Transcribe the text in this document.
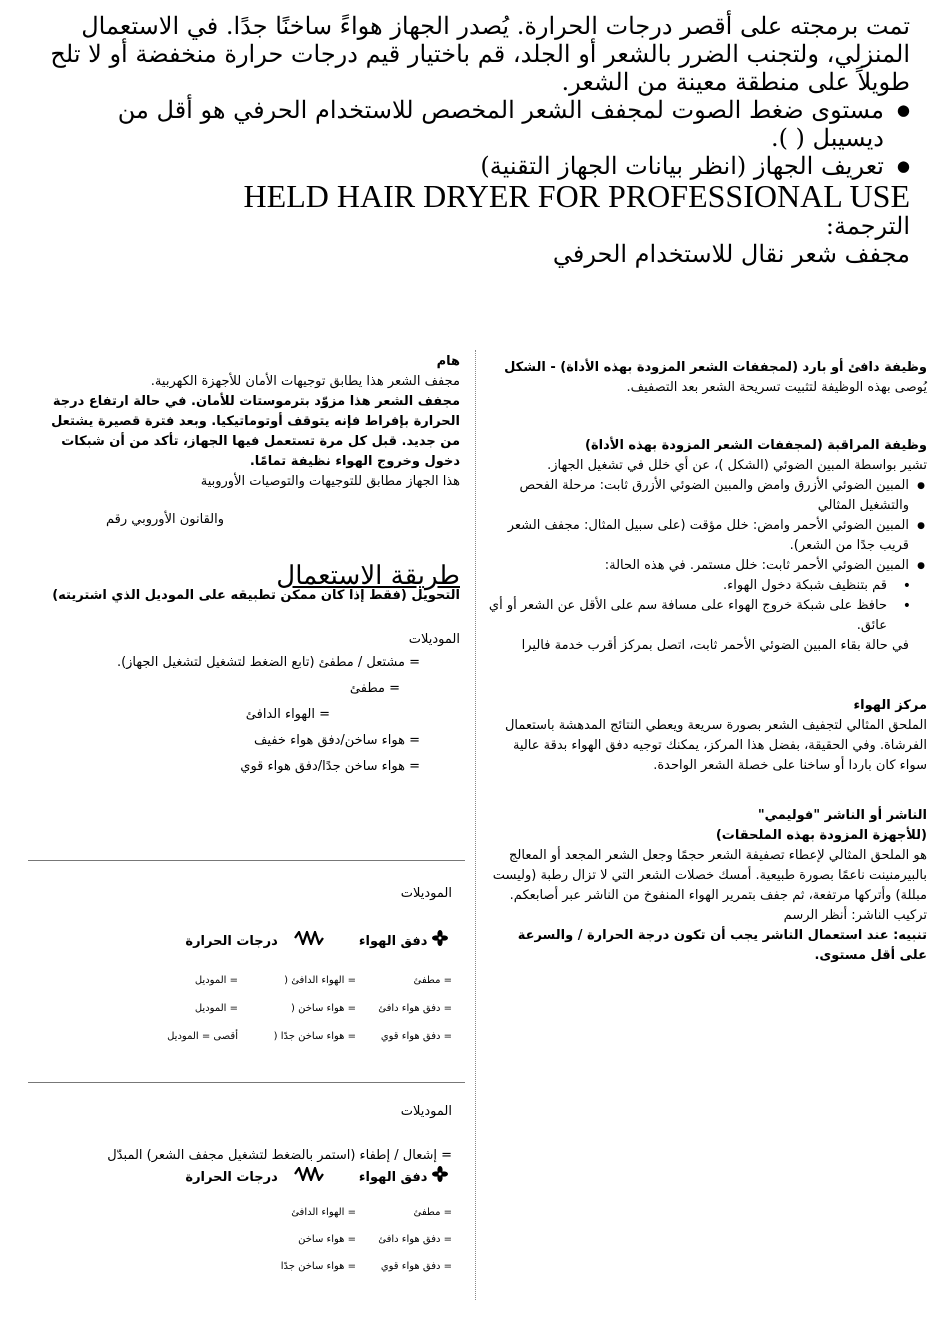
تمت برمجته على أقصر درجات الحرارة. يُصدر الجهاز هواءً ساخنًا جدًا. في الاستعمال المنزلي، ولتجنب الضرر بالشعر أو الجلد، قم باختيار قيم درجات حرارة منخفضة أو لا تلح طويلاً على منطقة معينة من الشعر.

● مستوى ضغط الصوت لمجفف الشعر المخصص للاستخدام الحرفي هو أقل من ديسيبل ( ).

● تعريف الجهاز (انظر بيانات الجهاز التقنية)

HELD HAIR DRYER FOR PROFESSIONAL USE

الترجمة:

مجفف شعر نقال للاستخدام الحرفي

وظيفة دافئ أو بارد (لمجففات الشعر المزودة بهذه الأداة) - الشكل
يُوصى بهذه الوظيفة لتثبيت تسريحة الشعر بعد التصفيف.
وظيفة المراقبة (لمجففات الشعر المزودة بهذه الأداة)
تشير بواسطة المبين الضوئي (الشكل )، عن أي خلل في تشغيل الجهاز.
● المبين الضوئي الأزرق وامض والمبين الضوئي الأزرق ثابت: مرحلة الفحص والتشغيل المثالي
● المبين الضوئي الأحمر وامض: خلل مؤقت (على سبيل المثال: مجفف الشعر قريب جدًا من الشعر).
● المبين الضوئي الأحمر ثابت: خلل مستمر. في هذه الحالة:
• قم بتنظيف شبكة دخول الهواء.
• حافظ على شبكة خروج الهواء على مسافة سم على الأقل عن الشعر أو أي عائق.
في حالة بقاء المبين الضوئي الأحمر ثابت، اتصل بمركز أقرب خدمة فاليرا
مركز الهواء
الملحق المثالي لتجفيف الشعر بصورة سريعة ويعطي النتائج المدهشة باستعمال الفرشاة. وفي الحقيقة، بفضل هذا المركز، يمكنك توجيه دفق الهواء بدقة عالية سواء كان باردا أو ساخنا على خصلة الشعر الواحدة.
الناشر أو الناشر "فوليمي"
(للأجهزة المزودة بهذه الملحقات)
هو الملحق المثالي لإعطاء تصفيفة الشعر حجمًا وجعل الشعر المجعد أو المعالج بالبيرمنينت ناعمًا بصورة طبيعية. أمسك خصلات الشعر التي لا تزال رطبة (وليست مبللة) وأتركها مرتفعة، ثم جفف بتمرير الهواء المنفوخ من الناشر عبر أصابعكم. تركيب الناشر: أنظر الرسم
تنبيه: عند استعمال الناشر يجب أن تكون درجة الحرارة / والسرعة على أقل مستوى.
هام
مجفف الشعر هذا يطابق توجيهات الأمان للأجهزة الكهربية.
مجفف الشعر هذا مزوّد بترموستات للأمان. في حالة ارتفاع درجة الحرارة بإفراط فإنه يتوقف أوتوماتيكيا. وبعد فترة قصيرة يشتعل من جديد. قبل كل مرة تستعمل فيها الجهاز، تأكد من أن شبكات دخول وخروج الهواء نظيفة تمامًا.
هذا الجهاز مطابق للتوجيهات والتوصيات الأوروبية
والقانون الأوروبي رقم
طريقة الاستعمال
التحويل (فقط إذا كان ممكن تطبيقه على الموديل الذي اشتريته)
الموديلات
= مشتعل / مطفئ (تابع الضغط لتشغيل لتشغيل الجهاز).
= مطفئ
= الهواء الدافئ
= هواء ساخن/دفق هواء خفيف
= هواء ساخن جدًا/دفق هواء قوي
الموديلات
دفق الهواء  درجات الحرارة
= مطفئ
= الهواء الدافئ (
= الموديل
= دفق هواء دافئ
= هواء ساخن (
= الموديل
= دفق هواء قوي
= هواء ساخن جدًا (
أقصى = الموديل
الموديلات
= إشعال / إطفاء (استمر بالضغط لتشغيل مجفف الشعر) المبدّل
دفق الهواء  درجات الحرارة
= مطفئ
= الهواء الدافئ
= دفق هواء دافئ
= هواء ساخن
= دفق هواء قوي
= هواء ساخن جدًا
